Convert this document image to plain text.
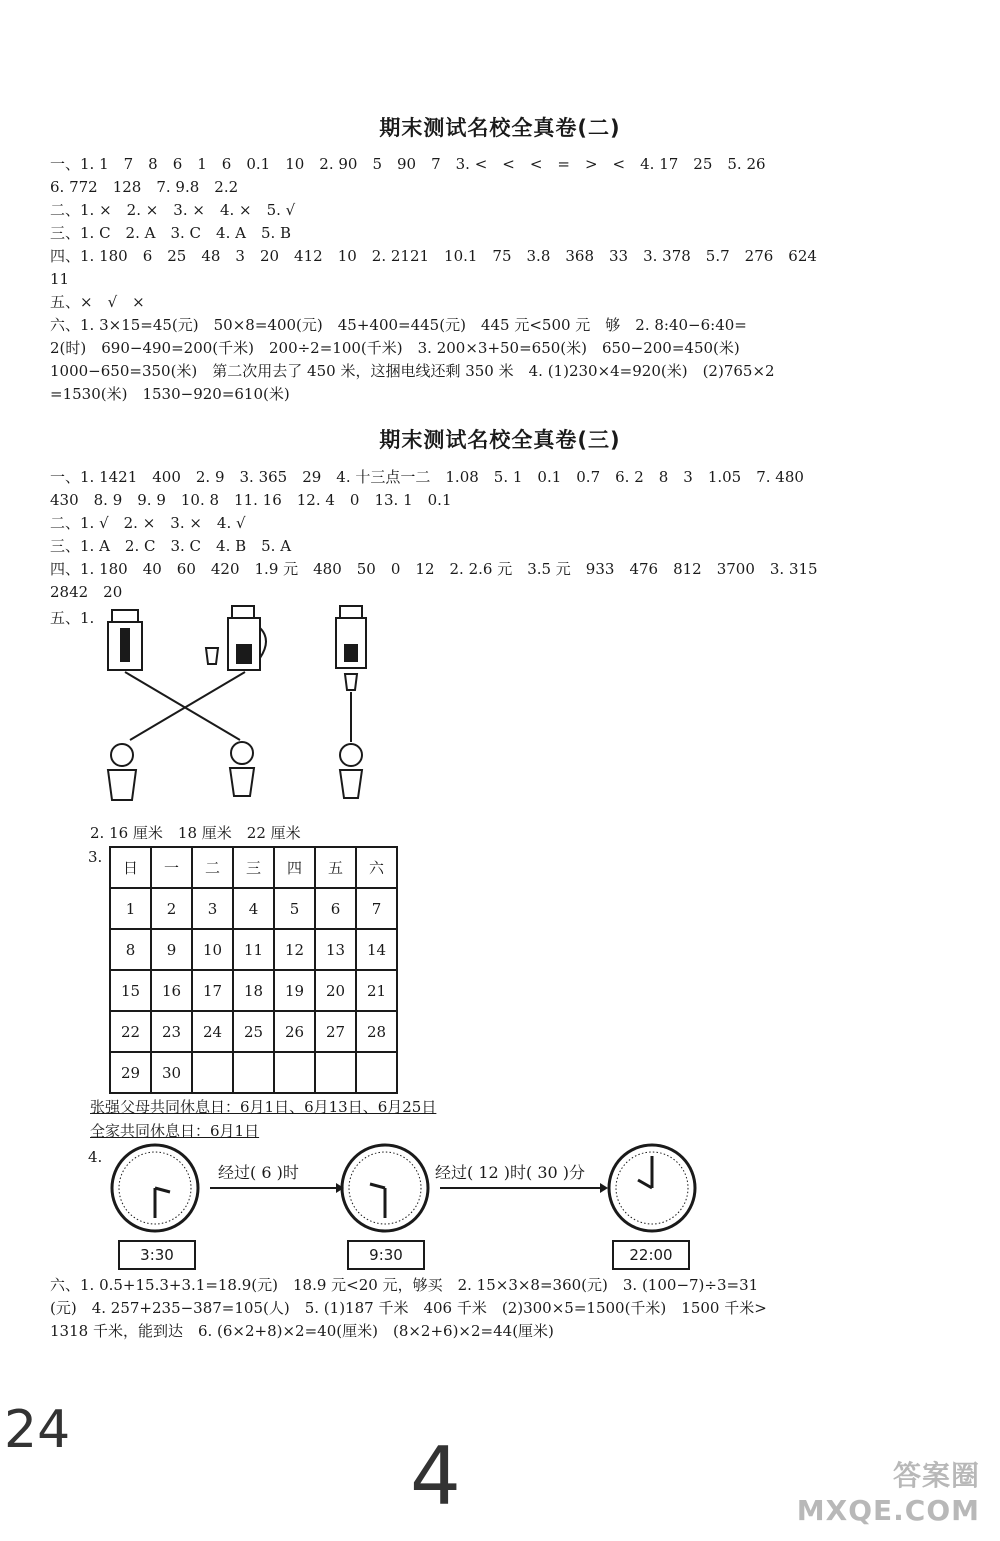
期末测试名校全真卷(二)
一、1. 1　7　8　6　1　6　0.1　10　2. 90　5　90　7　3. <　<　<　=　>　<　4. 17　25　5. 26
6. 772　128　7. 9.8　2.2
二、1. ×　2. ×　3. ×　4. ×　5. √
三、1. C　2. A　3. C　4. A　5. B
四、1. 180　6　25　48　3　20　412　10　2. 2121　10.1　75　3.8　368　33　3. 378　5.7　276　624
11
五、×　√　×
六、1. 3×15=45(元)　50×8=400(元)　45+400=445(元)　445 元<500 元　够　2. 8:40−6:40=
2(时)　690−490=200(千米)　200÷2=100(千米)　3. 200×3+50=650(米)　650−200=450(米)
1000−650=350(米)　第二次用去了 450 米，这捆电线还剩 350 米　4. (1)230×4=920(米)　(2)765×2
=1530(米)　1530−920=610(米)
期末测试名校全真卷(三)
一、1. 1421　400　2. 9　3. 365　29　4. 十三点一二　1.08　5. 1　0.1　0.7　6. 2　8　3　1.05　7. 480
430　8. 9　9. 9　10. 8　11. 16　12. 4　0　13. 1　0.1
二、1. √　2. ×　3. ×　4. √
三、1. A　2. C　3. C　4. B　5. A
四、1. 180　40　60　420　1.9 元　480　50　0　12　2. 2.6 元　3.5 元　933　476　812　3700　3. 315
2842　20
五、1.
2. 16 厘米　18 厘米　22 厘米
3.
日	一	二	三	四	五	六
1	2	3	4	5	6	7
8	9	10	11	12	13	14
15	16	17	18	19	20	21
22	23	24	25	26	27	28
29	30					
张强父母共同休息日：6月1日、6月13日、6月25日
全家共同休息日：6月1日
4.
经过( 6 )时	经过( 12 )时( 30 )分
3:30	9:30	22:00
六、1. 0.5+15.3+3.1=18.9(元)　18.9 元<20 元，够买　2. 15×3×8=360(元)　3. (100−7)÷3=31
(元)　4. 257+235−387=105(人)　5. (1)187 千米　406 千米　(2)300×5=1500(千米)　1500 千米>
1318 千米，能到达　6. (6×2+8)×2=40(厘米)　(8×2+6)×2=44(厘米)
24	4	答案圈
MXQE.COM
